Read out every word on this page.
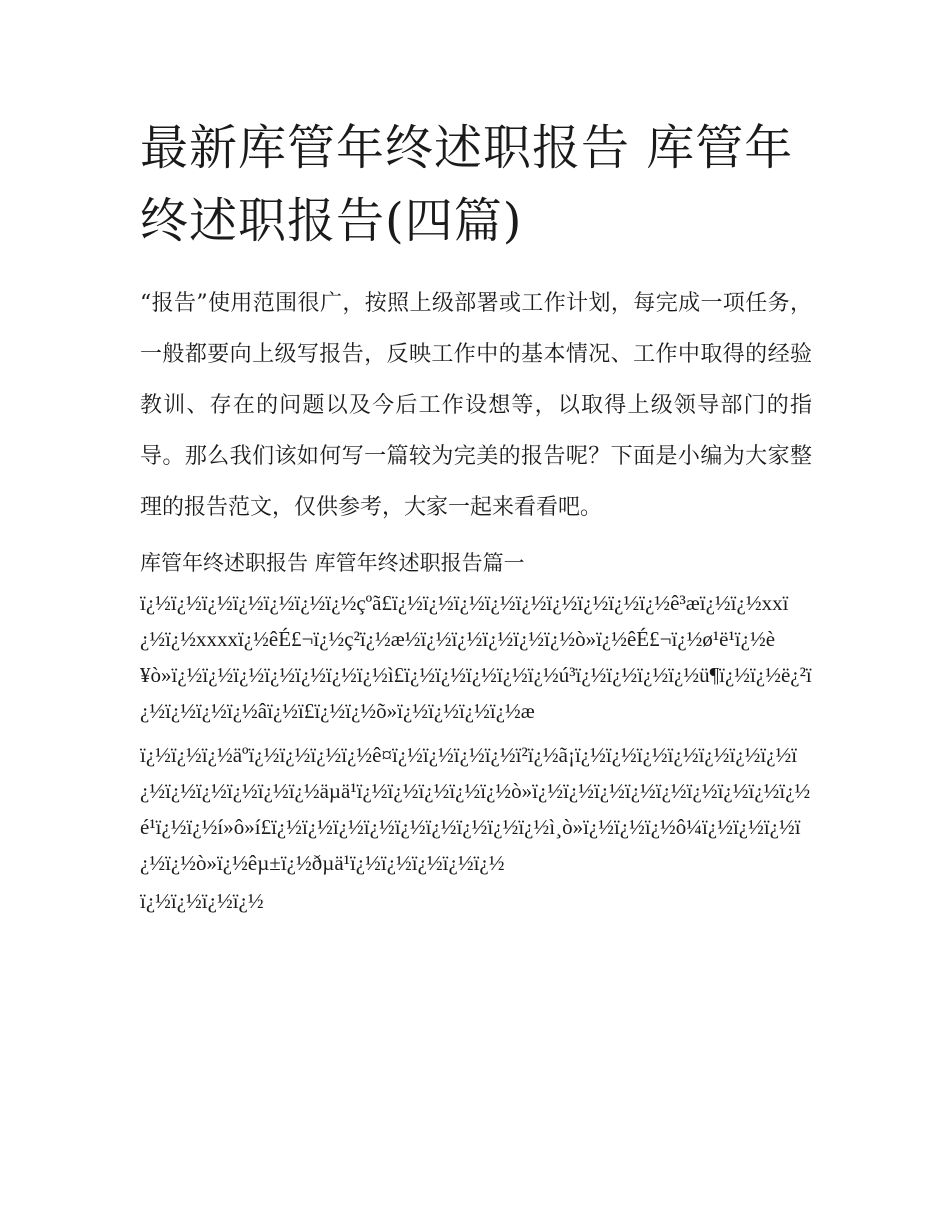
最新库管年终述职报告 库管年终述职报告(四篇)

“报告”使用范围很广，按照上级部署或工作计划，每完成一项任务，一般都要向上级写报告，反映工作中的基本情况、工作中取得的经验教训、存在的问题以及今后工作设想等，以取得上级领导部门的指导。那么我们该如何写一篇较为完美的报告呢？下面是小编为大家整理的报告范文，仅供参考，大家一起来看看吧。

库管年终述职报告 库管年终述职报告篇一

ï¿½ï¿½ï¿½ï¿½ï¿½ï¿½ï¿½çºã£ï¿½ï¿½ï¿½ï¿½ï¿½ï¿½ï¿½ï¿½ï¿½ê³æï¿½ï¿½xxï¿½ï¿½xxxxï¿½êÉ£¬ï¿½ç²ï¿½æ½ï¿½ï¿½ï¿½ï¿½ï¿½ò»ï¿½êÉ£¬ï¿½ø¹ë¹ï¿½è¥ò»ï¿½ï¿½ï¿½ï¿½ï¿½ï¿½ï¿½ì£ï¿½ï¿½ï¿½ï¿½ï¿½ú³ï¿½ï¿½ï¿½ï¿½ü¶ï¿½ï¿½ë¿²ï¿½ï¿½ï¿½ï¿½âï¿½ï£ï¿½ï¿½õ»ï¿½ï¿½ï¿½ï¿½æ

ï¿½ï¿½ï¿½äºï¿½ï¿½ï¿½ï¿½ê¤ï¿½ï¿½ï¿½ï¿½ï²ï¿½ã¡ï¿½ï¿½ï¿½ï¿½ï¿½ï¿½ï¿½ï¿½ï¿½ï¿½ï¿½ï¿½ï¿½äµä¹ï¿½ï¿½ï¿½ï¿½ï¿½ò»ï¿½ï¿½ï¿½ï¿½ï¿½ï¿½ï¿½ï¿½ï¿½é¹ï¿½ï¿½í»ô»í£ï¿½ï¿½ï¿½ï¿½ï¿½ï¿½ï¿½ï¿½ï¿½ì¸ò»ï¿½ï¿½ï¿½ô¼ï¿½ï¿½ï¿½ï¿½ï¿½ò»ï¿½êµ±ï¿½ðµä¹ï¿½ï¿½ï¿½ï¿½ï¿½

ï¿½ï¿½ï¿½ï¿½
